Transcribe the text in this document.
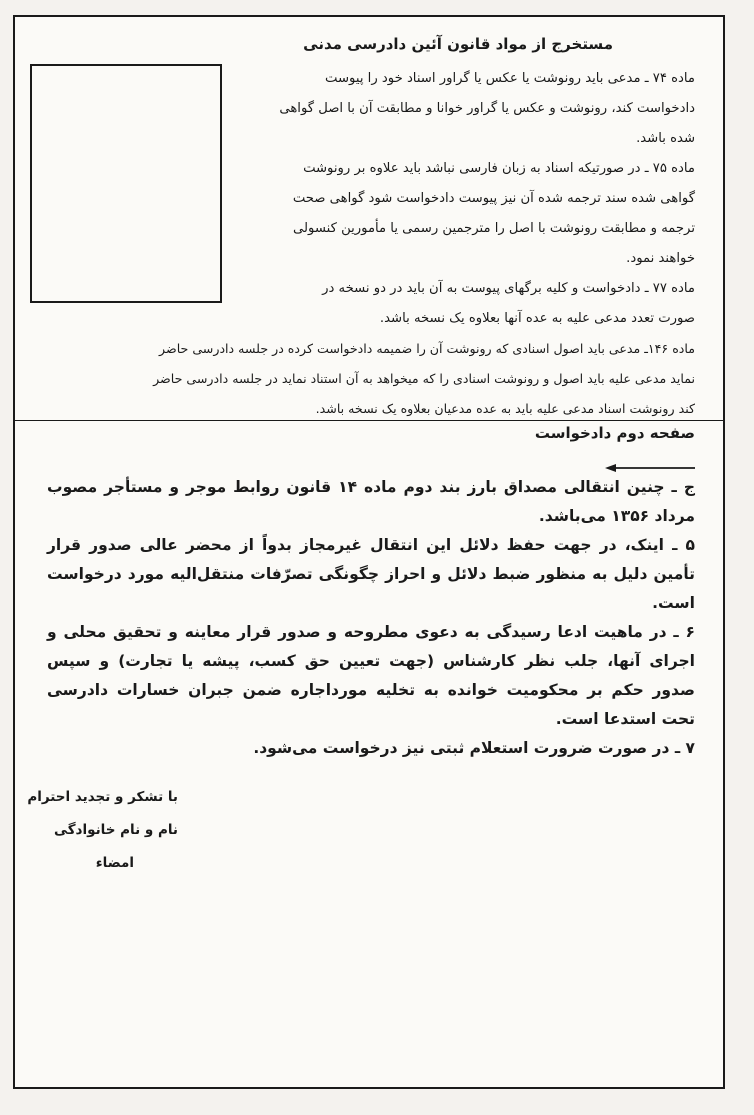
مستخرج از مواد قانون آئین دادرسی مدنی
ماده ۷۴ ـ مدعی باید رونوشت یا عکس یا گراور اسناد خود را پیوست
دادخواست کند، رونوشت و عکس یا گراور خوانا و مطابقت آن با اصل گواهی
شده باشد.
ماده ۷۵ ـ در صورتیکه اسناد به زبان فارسی نباشد باید علاوه بر رونوشت
گواهی شده سند ترجمه شده آن نیز پیوست دادخواست شود گواهی صحت
ترجمه و مطابقت رونوشت با اصل را مترجمین رسمی یا مأمورین کنسولی
خواهند نمود.
ماده ۷۷ ـ دادخواست و کلیه برگهای پیوست به آن باید در دو نسخه در
صورت تعدد مدعی علیه به عده آنها بعلاوه یک نسخه باشد.
ماده ۱۴۶ـ مدعی باید اصول اسنادی که رونوشت آن را ضمیمه دادخواست کرده در جلسه دادرسی حاضر
نماید مدعی علیه باید اصول و رونوشت اسنادی را که میخواهد به آن استناد نماید در جلسه دادرسی حاضر
کند رونوشت اسناد مدعی علیه باید به عده مدعیان بعلاوه یک نسخه باشد.
صفحه دوم دادخواست

ج ـ چنین انتقالی مصداق بارز بند دوم ماده ۱۴ قانون روابط موجر و مستأجر مصوب مرداد ۱۳۵۶ می‌باشد.

۵ ـ اینک، در جهت حفظ دلائل این انتقال غیرمجاز بدواً از محضر عالی صدور قرار تأمین دلیل به منظور ضبط دلائل و احراز چگونگی تصرّفات منتقل‌الیه مورد درخواست است.

۶ ـ در ماهیت ادعا رسیدگی به دعوی مطروحه و صدور قرار معاینه و تحقیق محلی و اجرای آنها، جلب نظر کارشناس (جهت تعیین حق کسب، پیشه یا تجارت) و سپس صدور حکم بر محکومیت خوانده به تخلیه مورداجاره ضمن جبران خسارات دادرسی تحت استدعا است.

۷ ـ در صورت ضرورت استعلام ثبتی نیز درخواست می‌شود.

با تشکر و تجدید احترام
نام و نام خانوادگی
امضاء
